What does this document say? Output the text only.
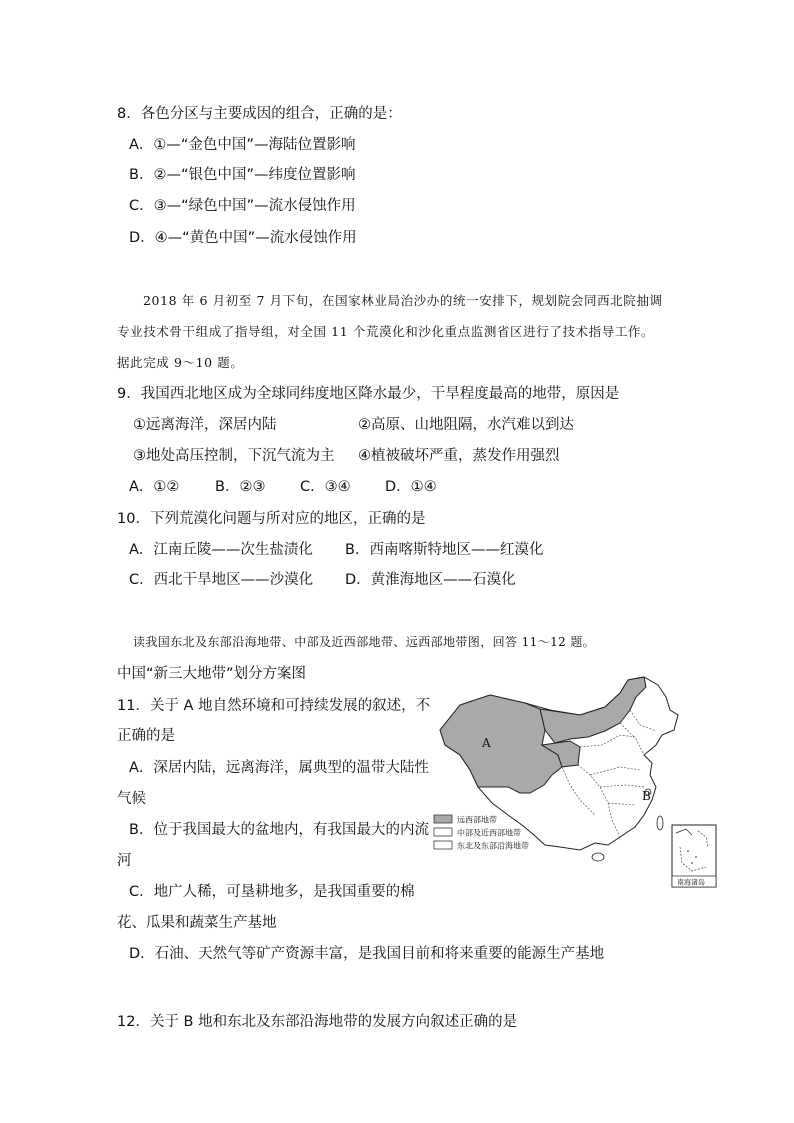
8．各色分区与主要成因的组合，正确的是：
A．①—“金色中国”—海陆位置影响
B．②—“银色中国”—纬度位置影响
C．③—“绿色中国”—流水侵蚀作用
D．④—“黄色中国”—流水侵蚀作用
2018 年 6 月初至 7 月下旬，在国家林业局治沙办的统一安排下，规划院会同西北院抽调
专业技术骨干组成了指导组，对全国 11 个荒漠化和沙化重点监测省区进行了技术指导工作。
据此完成 9～10 题。
9．我国西北地区成为全球同纬度地区降水最少，干旱程度最高的地带，原因是
①远离海洋，深居内陆	②高原、山地阻隔，水汽难以到达
③地处高压控制，下沉气流为主 ④植被破坏严重，蒸发作用强烈
A．①② B．②③ C．③④ D．①④
10．下列荒漠化问题与所对应的地区，正确的是
A．江南丘陵——次生盐渍化 B．西南喀斯特地区——红漠化
C．西北干旱地区——沙漠化 D．黄淮海地区——石漠化
读我国东北及东部沿海地带、中部及近西部地带、远西部地带图，回答 11～12 题。
中国“新三大地带”划分方案图
11．关于 A 地自然环境和可持续发展的叙述，不
正确的是
A．深居内陆，远离海洋，属典型的温带大陆性
气候
B．位于我国最大的盆地内，有我国最大的内流
河
C．地广人稀，可垦耕地多，是我国重要的棉
花、瓜果和蔬菜生产基地
D．石油、天然气等矿产资源丰富，是我国目前和将来重要的能源生产基地
12．关于 B 地和东北及东部沿海地带的发展方向叙述正确的是
A
B
远西部地带
中部及近西部地带
东北及东部沿海地带
南海诸岛
